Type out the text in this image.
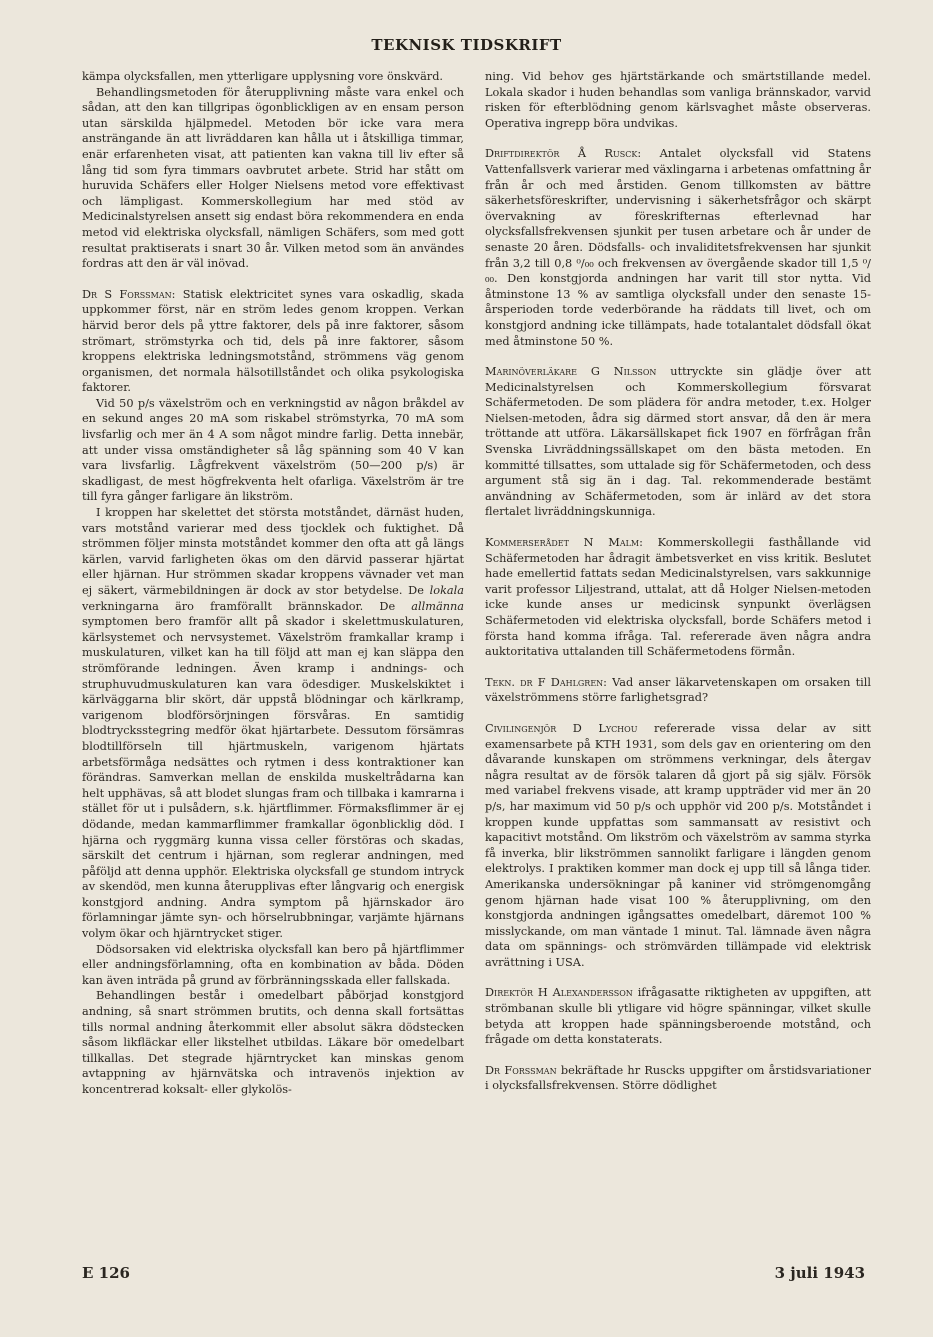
TEKNISK TIDSKRIFT

kämpa olycksfallen, men ytterligare upplysning vore önskvärd.

Behandlingsmetoden för återupplivning måste vara enkel och sådan, att den kan tillgripas ögonblickligen av en ensam person utan särskilda hjälpmedel. Metoden bör icke vara mera ansträngande än att livräddaren kan hålla ut i åtskilliga timmar, enär erfarenheten visat, att patienten kan vakna till liv efter så lång tid som fyra timmars oavbrutet arbete. Strid har stått om huruvida Schäfers eller Holger Nielsens metod vore effektivast och lämpligast. Kommerskollegium har med stöd av Medicinalstyrelsen ansett sig endast böra rekommendera en enda metod vid elektriska olycksfall, nämligen Schäfers, som med gott resultat praktiserats i snart 30 år. Vilken metod som än användes fordras att den är väl inövad.

Dr S Forssman: Statisk elektricitet synes vara oskadlig, skada uppkommer först, när en ström ledes genom kroppen. Verkan härvid beror dels på yttre faktorer, dels på inre faktorer, såsom strömart, strömstyrka och tid, dels på inre faktorer, såsom kroppens elektriska ledningsmotstånd, strömmens väg genom organismen, det normala hälsotillståndet och olika psykologiska faktorer.

Vid 50 p/s växelström och en verkningstid av någon bråkdel av en sekund anges 20 mA som riskabel strömstyrka, 70 mA som livsfarlig och mer än 4 A som något mindre farlig. Detta innebär, att under vissa omständigheter så låg spänning som 40 V kan vara livsfarlig. Lågfrekvent växelström (50—200 p/s) är skadligast, de mest högfrekventa helt ofarliga. Växelström är tre till fyra gånger farligare än likström.

I kroppen har skelettet det största motståndet, därnäst huden, vars motstånd varierar med dess tjocklek och fuktighet. Då strömmen följer minsta motståndet kommer den ofta att gå längs kärlen, varvid farligheten ökas om den därvid passerar hjärtat eller hjärnan. Hur strömmen skadar kroppens vävnader vet man ej säkert, värmebildningen är dock av stor betydelse. De lokala verkningarna äro framförallt brännskador. De allmänna symptomen bero framför allt på skador i skelettmuskulaturen, kärlsystemet och nervsystemet. Växelström framkallar kramp i muskulaturen, vilket kan ha till följd att man ej kan släppa den strömförande ledningen. Även kramp i andnings- och struphuvudmuskulaturen kan vara ödesdiger. Muskelskiktet i kärlväggarna blir skört, där uppstå blödningar och kärlkramp, varigenom blodförsörjningen försvåras. En samtidig blodtrycksstegring medför ökat hjärtarbete. Dessutom försämras blodtillförseln till hjärtmuskeln, varigenom hjärtats arbetsförmåga nedsättes och rytmen i dess kontraktioner kan förändras. Samverkan mellan de enskilda muskeltrådarna kan helt upphävas, så att blodet slungas fram och tillbaka i kamrarna i stället för ut i pulsådern, s.k. hjärtflimmer. Förmaksflimmer är ej dödande, medan kammarflimmer framkallar ögonblicklig död. I hjärna och ryggmärg kunna vissa celler förstöras och skadas, särskilt det centrum i hjärnan, som reglerar andningen, med påföljd att denna upphör. Elektriska olycksfall ge stundom intryck av skendöd, men kunna återupplivas efter långvarig och energisk konstgjord andning. Andra symptom på hjärnskador äro förlamningar jämte syn- och hörselrubbningar, varjämte hjärnans volym ökar och hjärntrycket stiger.

Dödsorsaken vid elektriska olycksfall kan bero på hjärtflimmer eller andningsförlamning, ofta en kombination av båda. Döden kan även inträda på grund av förbränningsskada eller fallskada.

Behandlingen består i omedelbart påbörjad konstgjord andning, så snart strömmen brutits, och denna skall fortsättas tills normal andning återkommit eller absolut säkra dödstecken såsom likfläckar eller likstelhet utbildas. Läkare bör omedelbart tillkallas. Det stegrade hjärntrycket kan minskas genom avtappning av hjärnvätska och intravenös injektion av koncentrerad koksalt- eller glykolös-

ning. Vid behov ges hjärtstärkande och smärtstillande medel. Lokala skador i huden behandlas som vanliga brännskador, varvid risken för efterblödning genom kärlsvaghet måste observeras. Operativa ingrepp böra undvikas.

Driftdirektör Å Rusck: Antalet olycksfall vid Statens Vattenfallsverk varierar med växlingarna i arbetenas omfattning år från år och med årstiden. Genom tillkomsten av bättre säkerhetsföreskrifter, undervisning i säkerhetsfrågor och skärpt övervakning av föreskrifternas efterlevnad har olycksfallsfrekvensen sjunkit per tusen arbetare och år under de senaste 20 åren. Dödsfalls- och invaliditetsfrekvensen har sjunkit från 3,2 till 0,8 ⁰/₀₀ och frekvensen av övergående skador till 1,5 ⁰/₀₀. Den konstgjorda andningen har varit till stor nytta. Vid åtminstone 13 % av samtliga olycksfall under den senaste 15-årsperioden torde vederbörande ha räddats till livet, och om konstgjord andning icke tillämpats, hade totalantalet dödsfall ökat med åtminstone 50 %.

Marinöverläkare G Nilsson uttryckte sin glädje över att Medicinalstyrelsen och Kommerskollegium försvarat Schäfermetoden. De som plädera för andra metoder, t.ex. Holger Nielsen-metoden, ådra sig därmed stort ansvar, då den är mera tröttande att utföra. Läkarsällskapet fick 1907 en förfrågan från Svenska Livräddningssällskapet om den bästa metoden. En kommitté tillsattes, som uttalade sig för Schäfermetoden, och dess argument stå sig än i dag. Tal. rekommenderade bestämt användning av Schäfermetoden, som är inlärd av det stora flertalet livräddningskunniga.

Kommerserådet N Malm: Kommerskollegii fasthållande vid Schäfermetoden har ådragit ämbetsverket en viss kritik. Beslutet hade emellertid fattats sedan Medicinalstyrelsen, vars sakkunnige varit professor Liljestrand, uttalat, att då Holger Nielsen-metoden icke kunde anses ur medicinsk synpunkt överlägsen Schäfermetoden vid elektriska olycksfall, borde Schäfers metod i första hand komma ifråga. Tal. refererade även några andra auktoritativa uttalanden till Schäfermetodens förmån.

Tekn. dr F Dahlgren: Vad anser läkarvetenskapen om orsaken till växelströmmens större farlighetsgrad?

Civilingenjör D Lychou refererade vissa delar av sitt examensarbete på KTH 1931, som dels gav en orientering om den dåvarande kunskapen om strömmens verkningar, dels återgav några resultat av de försök talaren då gjort på sig själv. Försök med variabel frekvens visade, att kramp uppträder vid mer än 20 p/s, har maximum vid 50 p/s och upphör vid 200 p/s. Motståndet i kroppen kunde uppfattas som sammansatt av resistivt och kapacitivt motstånd. Om likström och växelström av samma styrka få inverka, blir likströmmen sannolikt farligare i längden genom elektrolys. I praktiken kommer man dock ej upp till så långa tider. Amerikanska undersökningar på kaniner vid strömgenomgång genom hjärnan hade visat 100 % återupplivning, om den konstgjorda andningen igångsattes omedelbart, däremot 100 % misslyckande, om man väntade 1 minut. Tal. lämnade även några data om spännings- och strömvärden tillämpade vid elektrisk avrättning i USA.

Direktör H Alexandersson ifrågasatte riktigheten av uppgiften, att strömbanan skulle bli ytligare vid högre spänningar, vilket skulle betyda att kroppen hade spänningsberoende motstånd, och frågade om detta konstaterats.

Dr Forssman bekräftade hr Ruscks uppgifter om årstidsvariationer i olycksfallsfrekvensen. Större dödlighet

E 126	3 juli 1943
